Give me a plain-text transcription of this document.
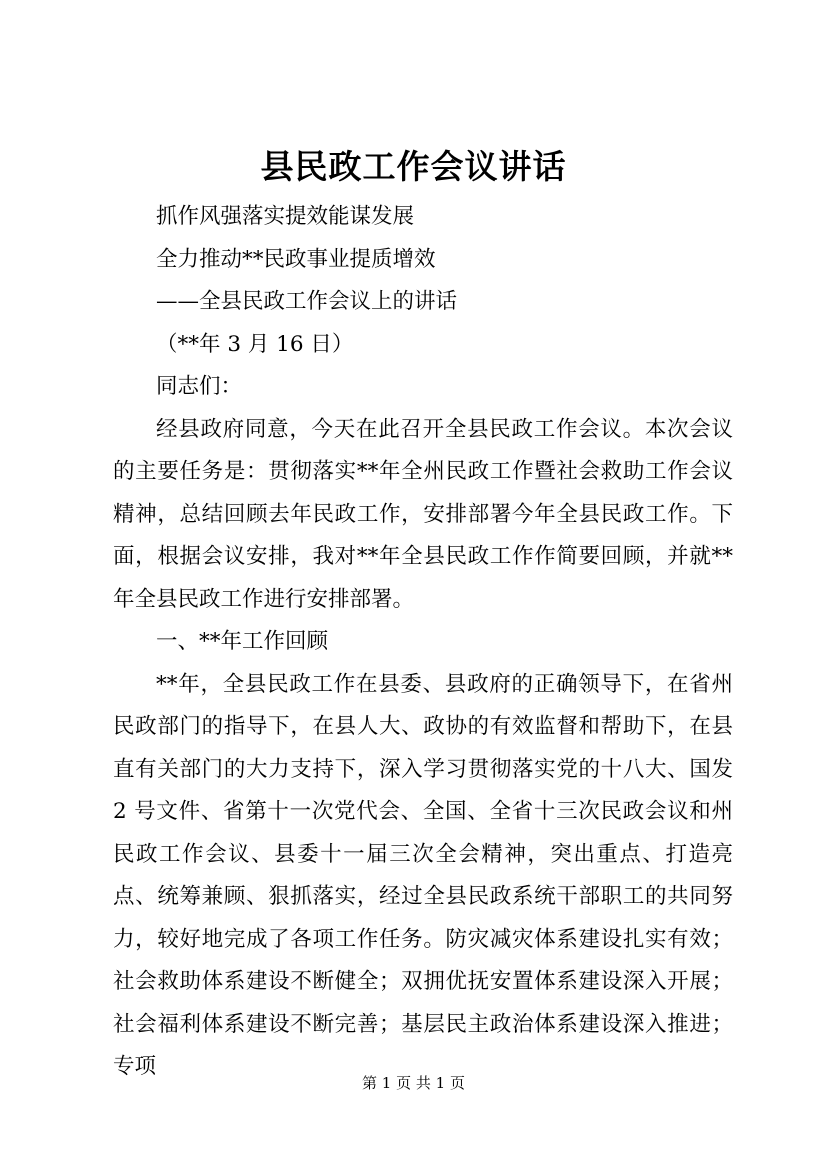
县民政工作会议讲话
抓作风强落实提效能谋发展
全力推动**民政事业提质增效
——全县民政工作会议上的讲话
（**年 3 月 16 日）
同志们：
经县政府同意，今天在此召开全县民政工作会议。本次会议的主要任务是：贯彻落实**年全州民政工作暨社会救助工作会议精神，总结回顾去年民政工作，安排部署今年全县民政工作。下面，根据会议安排，我对**年全县民政工作作简要回顾，并就**年全县民政工作进行安排部署。
一、**年工作回顾
**年，全县民政工作在县委、县政府的正确领导下，在省州民政部门的指导下，在县人大、政协的有效监督和帮助下，在县直有关部门的大力支持下，深入学习贯彻落实党的十八大、国发 2 号文件、省第十一次党代会、全国、全省十三次民政会议和州民政工作会议、县委十一届三次全会精神，突出重点、打造亮点、统筹兼顾、狠抓落实，经过全县民政系统干部职工的共同努力，较好地完成了各项工作任务。防灾减灾体系建设扎实有效；社会救助体系建设不断健全；双拥优抚安置体系建设深入开展；社会福利体系建设不断完善；基层民主政治体系建设深入推进；专项
第 1 页 共 1 页
